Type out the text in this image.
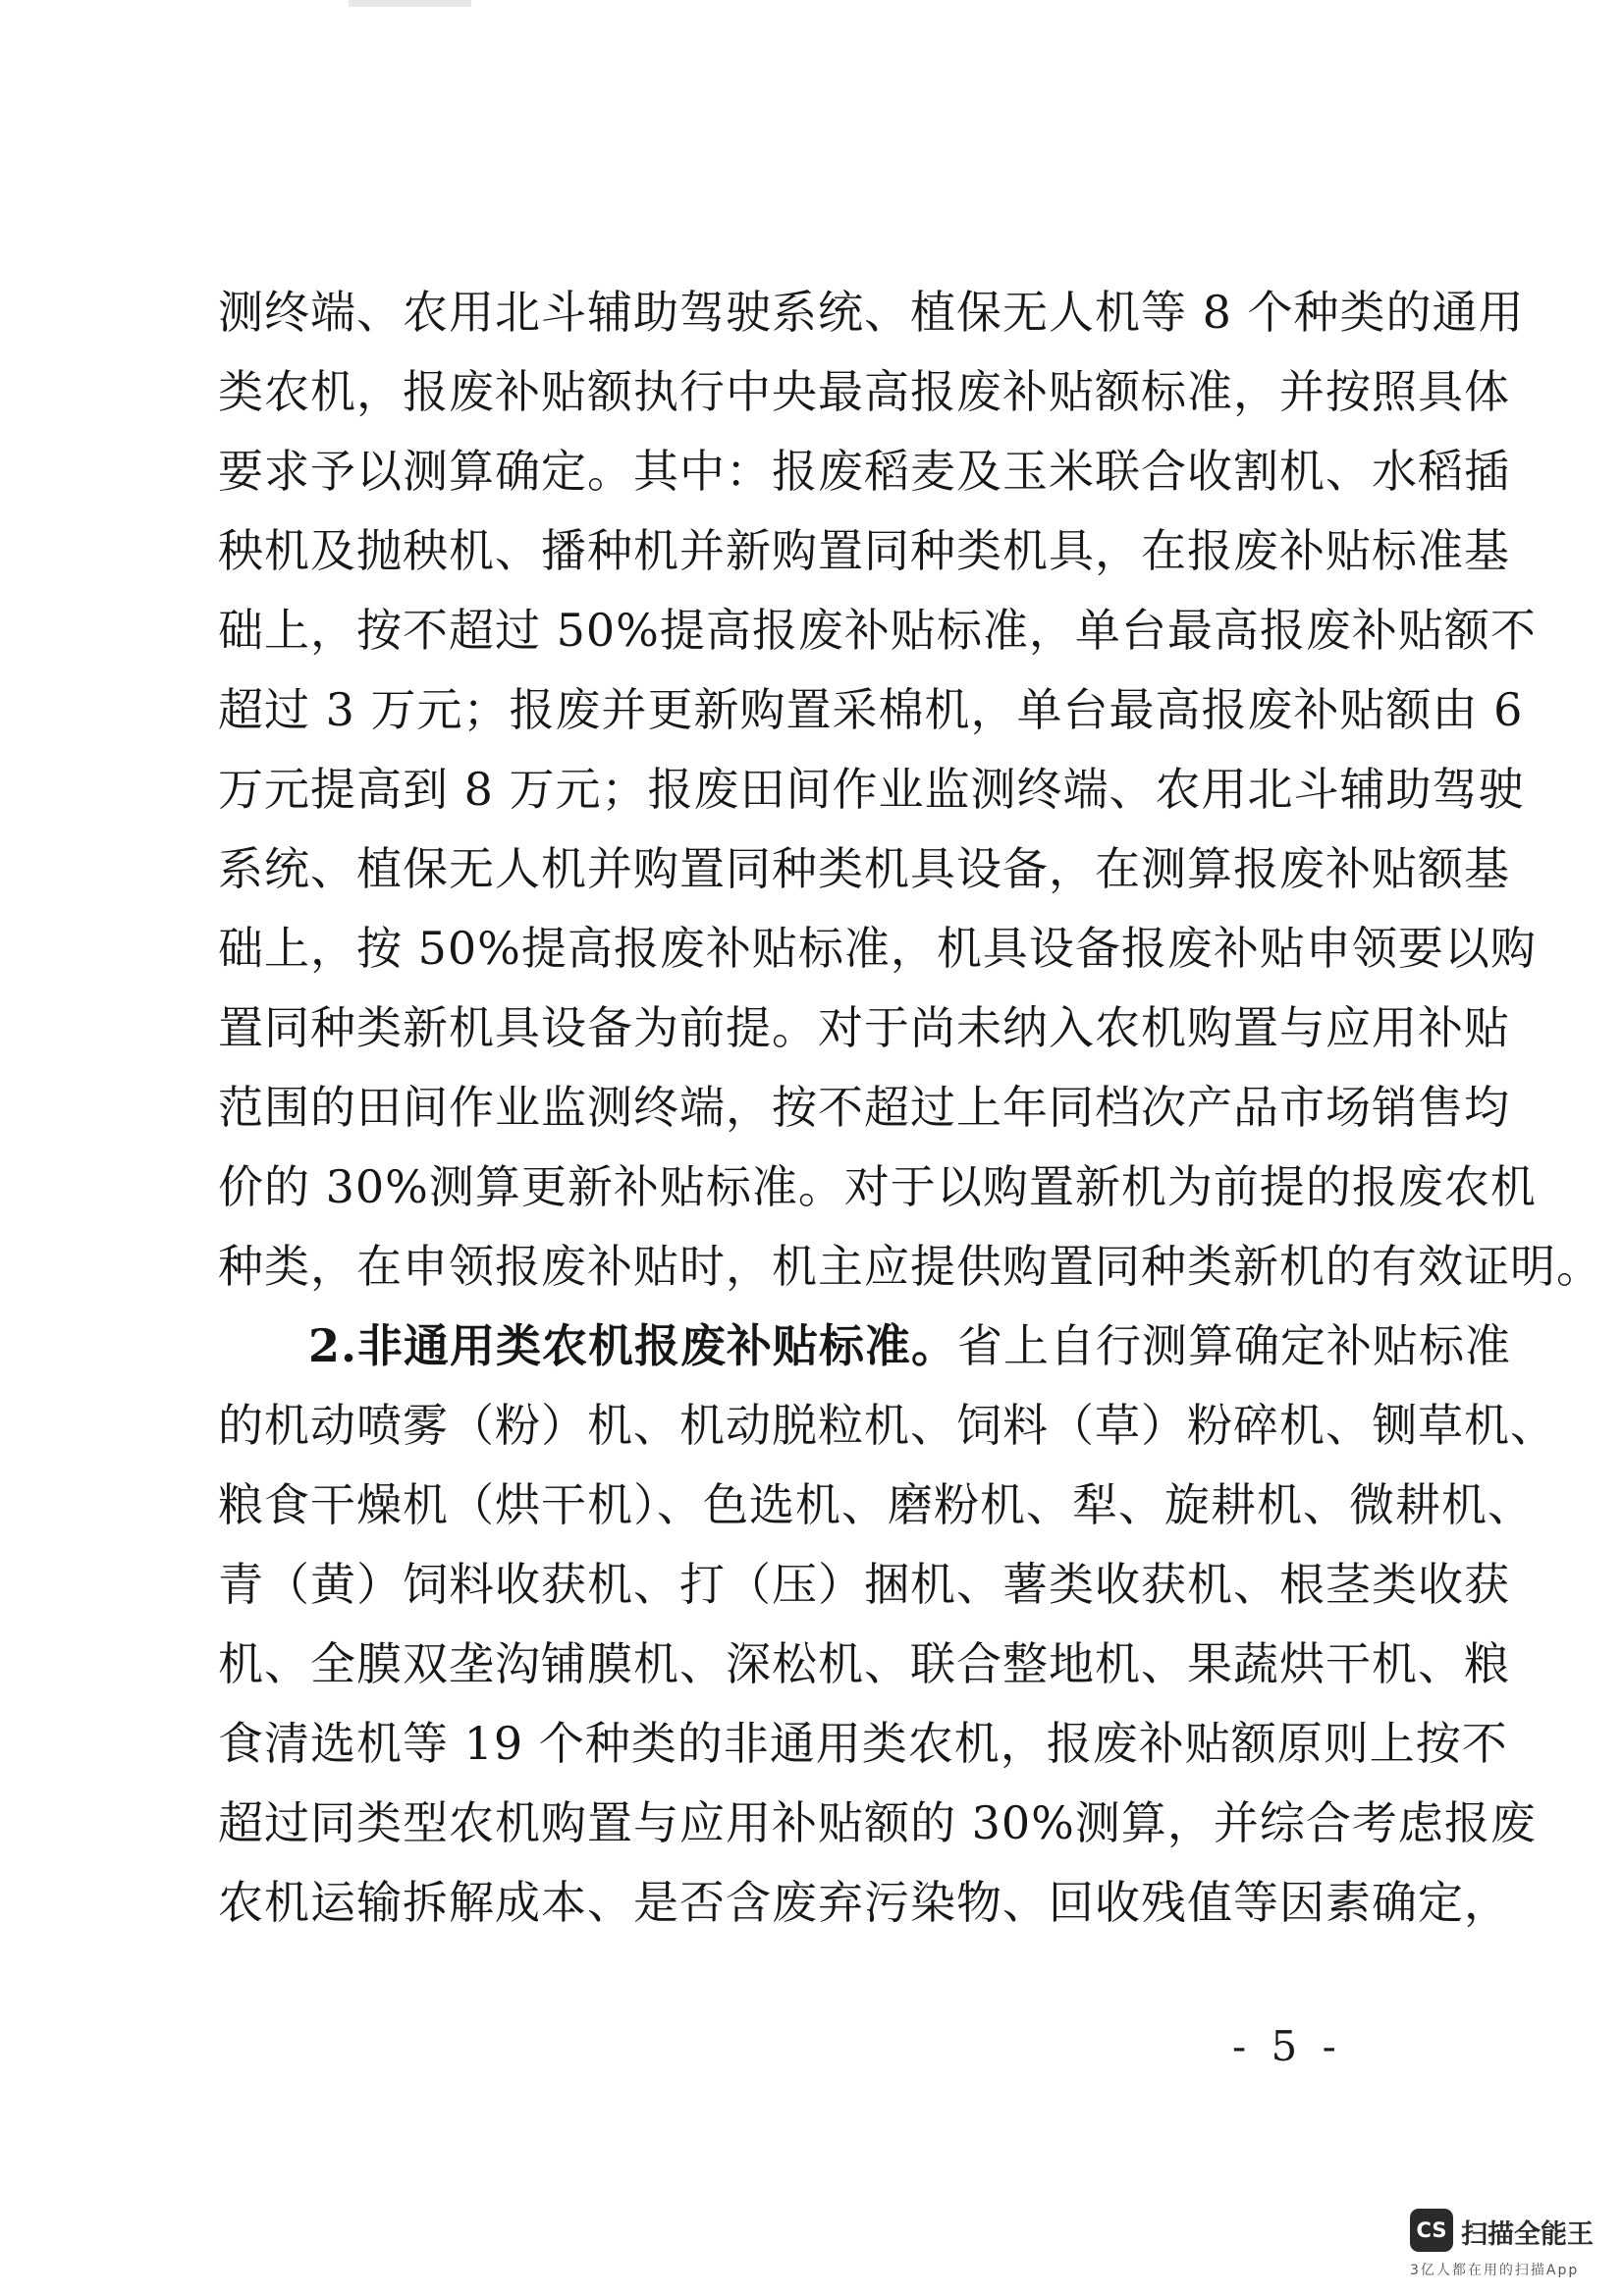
测终端、农用北斗辅助驾驶系统、植保无人机等 8 个种类的通用
类农机，报废补贴额执行中央最高报废补贴额标准，并按照具体
要求予以测算确定。其中：报废稻麦及玉米联合收割机、水稻插
秧机及抛秧机、播种机并新购置同种类机具，在报废补贴标准基
础上，按不超过 50%提高报废补贴标准，单台最高报废补贴额不
超过 3 万元；报废并更新购置采棉机，单台最高报废补贴额由 6
万元提高到 8 万元；报废田间作业监测终端、农用北斗辅助驾驶
系统、植保无人机并购置同种类机具设备，在测算报废补贴额基
础上，按 50%提高报废补贴标准，机具设备报废补贴申领要以购
置同种类新机具设备为前提。对于尚未纳入农机购置与应用补贴
范围的田间作业监测终端，按不超过上年同档次产品市场销售均
价的 30%测算更新补贴标准。对于以购置新机为前提的报废农机
种类，在申领报废补贴时，机主应提供购置同种类新机的有效证明。
2.非通用类农机报废补贴标准。省上自行测算确定补贴标准
的机动喷雾（粉）机、机动脱粒机、饲料（草）粉碎机、铡草机、
粮食干燥机（烘干机）、色选机、磨粉机、犁、旋耕机、微耕机、
青（黄）饲料收获机、打（压）捆机、薯类收获机、根茎类收获
机、全膜双垄沟铺膜机、深松机、联合整地机、果蔬烘干机、粮
食清选机等 19 个种类的非通用类农机，报废补贴额原则上按不
超过同类型农机购置与应用补贴额的 30%测算，并综合考虑报废
农机运输拆解成本、是否含废弃污染物、回收残值等因素确定，
- 5 -
CS 扫描全能王
3亿人都在用的扫描App
